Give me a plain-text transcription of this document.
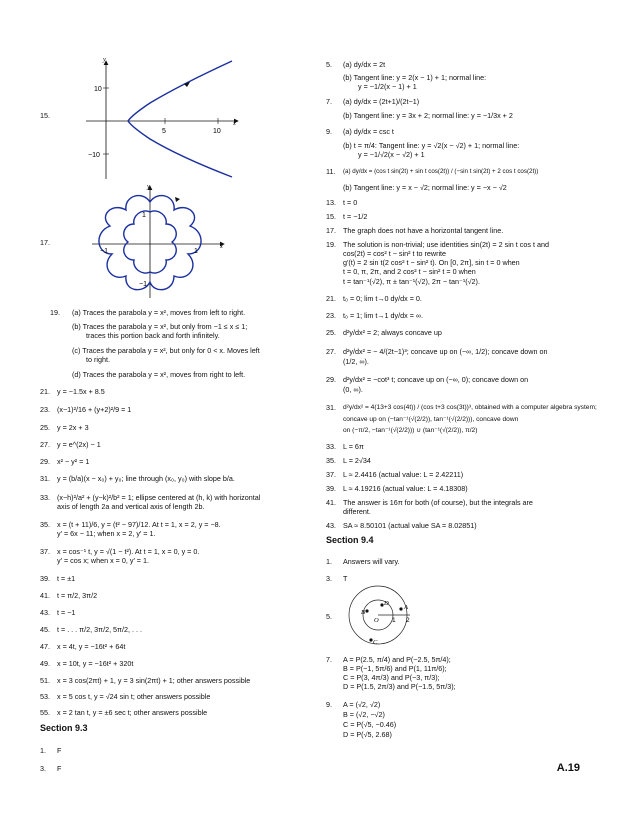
15.
10
−10
5	10
x
y
17.
−1	1
1
−1
x
y
19. (a) Traces the parabola y = x², moves from left to right.
(b) Traces the parabola y = x², but only from −1 ≤ x ≤ 1;
traces this portion back and forth infinitely.
(c) Traces the parabola y = x², but only for 0 < x. Moves left
to right.
(d) Traces the parabola y = x², moves from right to left.
21. y = −1.5x + 8.5
23. (x−1)²/16 + (y+2)²/9 = 1
25. y = 2x + 3
27. y = e^(2x) − 1
29. x² − y² = 1
31. y = (b/a)(x − x₀) + y₀; line through (x₀, y₀) with slope b/a.
33. (x−h)²/a² + (y−k)²/b² = 1; ellipse centered at (h, k) with horizontal
axis of length 2a and vertical axis of length 2b.
35. x = (t + 11)/6, y = (t² − 97)/12. At t = 1, x = 2, y = −8.
y′ = 6x − 11; when x = 2, y′ = 1.
37. x = cos⁻¹ t, y = √(1 − t²). At t = 1, x = 0, y = 0.
y′ = cos x; when x = 0, y′ = 1.
39. t = ±1
41. t = π/2, 3π/2
43. t = −1
45. t = . . . π/2, 3π/2, 5π/2, . . .
47. x = 4t, y = −16t² + 64t
49. x = 10t, y = −16t² + 320t
51. x = 3 cos(2πt) + 1, y = 3 sin(2πt) + 1; other answers possible
53. x = 5 cos t, y = √24 sin t; other answers possible
55. x = 2 tan t, y = ±6 sec t; other answers possible
Section 9.3
1. F
3. F
5. (a) dy/dx = 2t
(b) Tangent line: y = 2(x − 1) + 1; normal line:
y = −1/2(x − 1) + 1
7. (a) dy/dx = (2t+1)/(2t−1)
(b) Tangent line: y = 3x + 2; normal line: y = −1/3x + 2
9. (a) dy/dx = csc t
(b) t = π/4: Tangent line: y = √2(x − √2) + 1; normal line:
y = −1/√2(x − √2) + 1
11. (a) dy/dx = (cos t sin(2t) + sin t cos(2t)) / (−sin t sin(2t) + 2 cos t cos(2t))
(b) Tangent line: y = x − √2; normal line: y = −x − √2
13. t = 0
15. t = −1/2
17. The graph does not have a horizontal tangent line.
19. The solution is non-trivial; use identities sin(2t) = 2 sin t cos t and
cos(2t) = cos² t − sin² t to rewrite
g′(t) = 2 sin t(2 cos² t − sin² t). On [0, 2π], sin t = 0 when
t = 0, π, 2π, and 2 cos² t − sin² t = 0 when
t = tan⁻¹(√2), π ± tan⁻¹(√2), 2π − tan⁻¹(√2).
21. t₀ = 0; lim t→0 dy/dx = 0.
23. t₀ = 1; lim t→1 dy/dx = ∞.
25. d²y/dx² = 2; always concave up
27. d²y/dx² = − 4/(2t−1)³; concave up on (−∞, 1/2); concave down on
(1/2, ∞).
29. d²y/dx² = −cot³ t; concave up on (−∞, 0); concave down on
(0, ∞).
31. d²y/dx² = 4(13+3 cos(4t)) / (cos t+3 cos(3t))³, obtained with a computer algebra system;
concave up on (−tan⁻¹(√(2/2)), tan⁻¹(√(2/2))), concave down
on (−π/2, −tan⁻¹(√(2/2))) ∪ (tan⁻¹(√(2/2)), π/2)
33. L = 6π
35. L = 2√34
37. L ≈ 2.4416 (actual value: L = 2.42211)
39. L ≈ 4.19216 (actual value: L = 4.18308)
41. The answer is 16π for both (of course), but the integrals are
different.
43. SA ≈ 8.50101 (actual value SA = 8.02851)
Section 9.4
1. Answers will vary.
3. T
5.
A
B
C
D
O 1 2
7. A = P(2.5, π/4) and P(−2.5, 5π/4);
B = P(−1, 5π/6) and P(1, 11π/6);
C = P(3, 4π/3) and P(−3, π/3);
D = P(1.5, 2π/3) and P(−1.5, 5π/3);
9. A = (√2, √2)
B = (√2, −√2)
C = P(√5, −0.46)
D = P(√5, 2.68)
A.19
